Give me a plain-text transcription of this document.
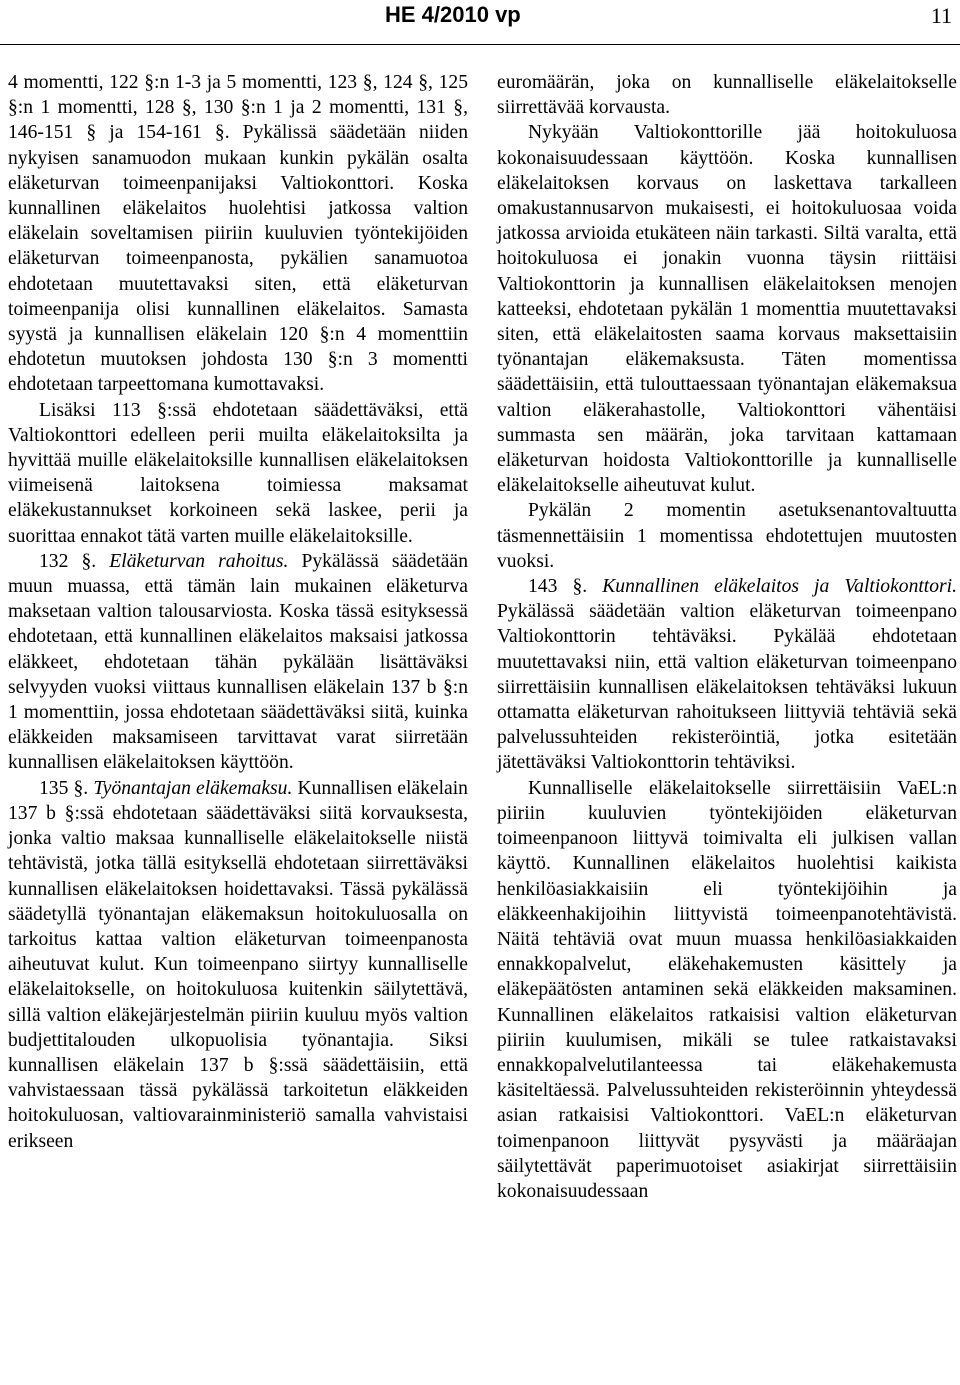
HE 4/2010 vp	11

4 momentti, 122 §:n 1-3 ja 5 momentti, 123 §, 124 §, 125 §:n 1 momentti, 128 §, 130 §:n 1 ja 2 momentti, 131 §, 146-151 § ja 154-161 §. Pykälissä säädetään niiden nykyisen sanamuodon mukaan kunkin pykälän osalta eläketurvan toimeenpanijaksi Valtiokonttori. Koska kunnallinen eläkelaitos huolehtisi jatkossa valtion eläkelain soveltamisen piiriin kuuluvien työntekijöiden eläketurvan toimeenpanosta, pykälien sanamuotoa ehdotetaan muutettavaksi siten, että eläketurvan toimeenpanija olisi kunnallinen eläkelaitos. Samasta syystä ja kunnallisen eläkelain 120 §:n 4 momenttiin ehdotetun muutoksen johdosta 130 §:n 3 momentti ehdotetaan tarpeettomana kumottavaksi.

Lisäksi 113 §:ssä ehdotetaan säädettäväksi, että Valtiokonttori edelleen perii muilta eläkelaitoksilta ja hyvittää muille eläkelaitoksille kunnallisen eläkelaitoksen viimeisenä laitoksena toimiessa maksamat eläkekustannukset korkoineen sekä laskee, perii ja suorittaa ennakot tätä varten muille eläkelaitoksille.

132 §. Eläketurvan rahoitus. Pykälässä säädetään muun muassa, että tämän lain mukainen eläketurva maksetaan valtion talousarviosta. Koska tässä esityksessä ehdotetaan, että kunnallinen eläkelaitos maksaisi jatkossa eläkkeet, ehdotetaan tähän pykälään lisättäväksi selvyyden vuoksi viittaus kunnallisen eläkelain 137 b §:n 1 momenttiin, jossa ehdotetaan säädettäväksi siitä, kuinka eläkkeiden maksamiseen tarvittavat varat siirretään kunnallisen eläkelaitoksen käyttöön.

135 §. Työnantajan eläkemaksu. Kunnallisen eläkelain 137 b §:ssä ehdotetaan säädettäväksi siitä korvauksesta, jonka valtio maksaa kunnalliselle eläkelaitokselle niistä tehtävistä, jotka tällä esityksellä ehdotetaan siirrettäväksi kunnallisen eläkelaitoksen hoidettavaksi. Tässä pykälässä säädetyllä työnantajan eläkemaksun hoitokuluosalla on tarkoitus kattaa valtion eläketurvan toimeenpanosta aiheutuvat kulut. Kun toimeenpano siirtyy kunnalliselle eläkelaitokselle, on hoitokuluosa kuitenkin säilytettävä, sillä valtion eläkejärjestelmän piiriin kuuluu myös valtion budjettitalouden ulkopuolisia työnantajia. Siksi kunnallisen eläkelain 137 b §:ssä säädettäisiin, että vahvistaessaan tässä pykälässä tarkoitetun eläkkeiden hoitokuluosan, valtiovarainministeriö samalla vahvistaisi erikseen

euromäärän, joka on kunnalliselle eläkelaitokselle siirrettävää korvausta.

Nykyään Valtiokonttorille jää hoitokuluosa kokonaisuudessaan käyttöön. Koska kunnallisen eläkelaitoksen korvaus on laskettava tarkalleen omakustannusarvon mukaisesti, ei hoitokuluosaa voida jatkossa arvioida etukäteen näin tarkasti. Siltä varalta, että hoitokuluosa ei jonakin vuonna täysin riittäisi Valtiokonttorin ja kunnallisen eläkelaitoksen menojen katteeksi, ehdotetaan pykälän 1 momenttia muutettavaksi siten, että eläkelaitosten saama korvaus maksettaisiin työnantajan eläkemaksusta. Täten momentissa säädettäisiin, että tulouttaessaan työnantajan eläkemaksua valtion eläkerahastolle, Valtiokonttori vähentäisi summasta sen määrän, joka tarvitaan kattamaan eläketurvan hoidosta Valtiokonttorille ja kunnalliselle eläkelaitokselle aiheutuvat kulut.

Pykälän 2 momentin asetuksenantovaltuutta täsmennettäisiin 1 momentissa ehdotettujen muutosten vuoksi.

143 §. Kunnallinen eläkelaitos ja Valtiokonttori. Pykälässä säädetään valtion eläketurvan toimeenpano Valtiokonttorin tehtäväksi. Pykälää ehdotetaan muutettavaksi niin, että valtion eläketurvan toimeenpano siirrettäisiin kunnallisen eläkelaitoksen tehtäväksi lukuun ottamatta eläketurvan rahoitukseen liittyviä tehtäviä sekä palvelussuhteiden rekisteröintiä, jotka esitetään jätettäväksi Valtiokonttorin tehtäviksi.

Kunnalliselle eläkelaitokselle siirrettäisiin VaEL:n piiriin kuuluvien työntekijöiden eläketurvan toimeenpanoon liittyvä toimivalta eli julkisen vallan käyttö. Kunnallinen eläkelaitos huolehtisi kaikista henkilöasiakkaisiin eli työntekijöihin ja eläkkeenhakijoihin liittyvistä toimeenpanotehtävistä. Näitä tehtäviä ovat muun muassa henkilöasiakkaiden ennakkopalvelut, eläkehakemusten käsittely ja eläkepäätösten antaminen sekä eläkkeiden maksaminen. Kunnallinen eläkelaitos ratkaisisi valtion eläketurvan piiriin kuulumisen, mikäli se tulee ratkaistavaksi ennakkopalvelutilanteessa tai eläkehakemusta käsiteltäessä. Palvelussuhteiden rekisteröinnin yhteydessä asian ratkaisisi Valtiokonttori. VaEL:n eläketurvan toimenpanoon liittyvät pysyvästi ja määräajan säilytettävät paperimuotoiset asiakirjat siirrettäisiin kokonaisuudessaan
